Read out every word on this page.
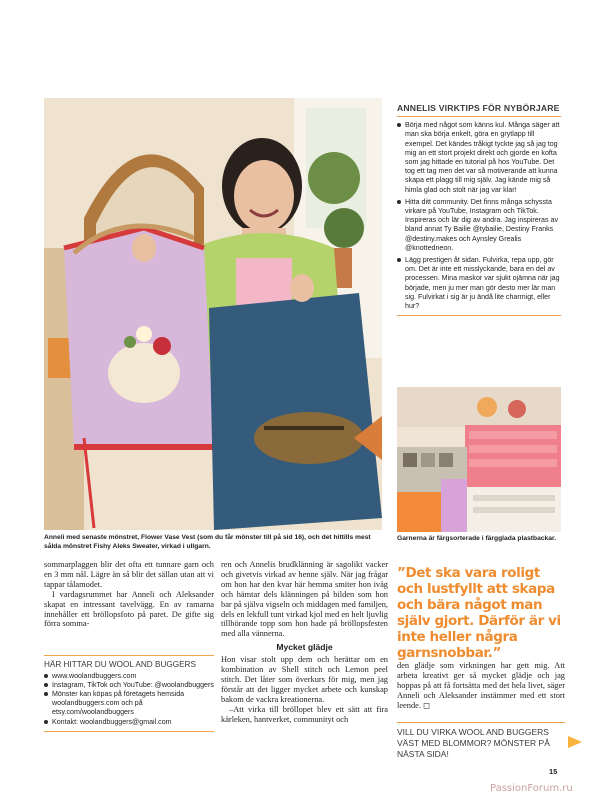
Anneli med senaste mönstret, Flower Vase Vest (som du får mönster till på sid 16), och det hittills mest sålda mönstret Fishy Aleks Sweater, virkad i ullgarn.
ANNELIS VIRKTIPS FÖR NYBÖRJARE
Börja med något som känns kul. Många säger att man ska börja enkelt, göra en grytlapp till exempel. Det kändes tråkigt tyckte jag så jag tog mig an ett stort projekt direkt och gjorde en kofta som jag hittade en tutorial på hos YouTube. Det tog ett tag men det var så motiverande att kunna skapa ett plagg till mig själv. Jag kände mig så himla glad och stolt när jag var klar!
Hitta ditt community. Det finns många schyssta virkare på YouTube, Instagram och TikTok. Inspireras och lär dig av andra. Jag inspireras av bland annat Ty Bailie @tybailie, Destiny Franks @destiny.makes och Aynsley Grealis @knottedneon.
Lägg prestigen åt sidan. Fulvirka, repa upp, gör om. Det är inte ett misslyckande, bara en del av processen. Mina maskor var sjukt ojämna när jag började, men ju mer man gör desto mer lär man sig. Fulvirkat i sig är ju ändå lite charmigt, eller hur?
Garnerna är färgsorterade i färgglada plastbackar.

sommarplaggen blir det ofta ett tunnare garn och en 3 mm nål. Lägre än så blir det sällan utan att vi tappar tålamodet.

I vardagsrummet har Anneli och Aleksander skapat en intressant tavelvägg. En av ramarna innehåller ett bröllopsfoto på paret. De gifte sig förra somma-

HÄR HITTAR DU WOOL AND BUGGERS
www.woolandbuggers.com
Instagram, TikTok och YouTube: @woolandbuggers
Mönster kan köpas på företagets hemsida woolandbuggers.com och på etsy.com/woolandbuggers
Kontakt: woolandbuggers@gmail.com

ren och Annelis brudklänning är sagolikt vacker och givetvis virkad av henne själv. När jag frågar om hon har den kvar här hemma smiter hon iväg och hämtar dels klänningen på bilden som hon bar på själva vigseln och middagen med familjen, dels en lekfull tunt virkad kjol med en helt ljuvlig tillhörande topp som hon hade på bröllopsfesten med alla vännerna.

Mycket glädje

Hon visar stolt upp dem och berättar om en kombination av Shell stitch och Lemon peel stitch. Det låter som överkurs för mig, men jag förstår att det ligger mycket arbete och kunskap bakom de vackra kreationerna.

–Att virka till bröllopet blev ett sätt att fira kärleken, hantverket, communityt och

”Det ska vara roligt och lustfyllt att skapa och bära något man själv gjort. Därför är vi inte heller några garnsnobbar.”

den glädje som virkningen har gett mig. Att arbeta kreativt ger så mycket glädje och jag hoppas på att få fortsätta med det hela livet, säger Anneli och Aleksander instämmer med ett stort leende. ◻

VILL DU VIRKA WOOL AND BUGGERS VÄST MED BLOMMOR? MÖNSTER PÅ NÄSTA SIDA!
15
PassionForum.ru
